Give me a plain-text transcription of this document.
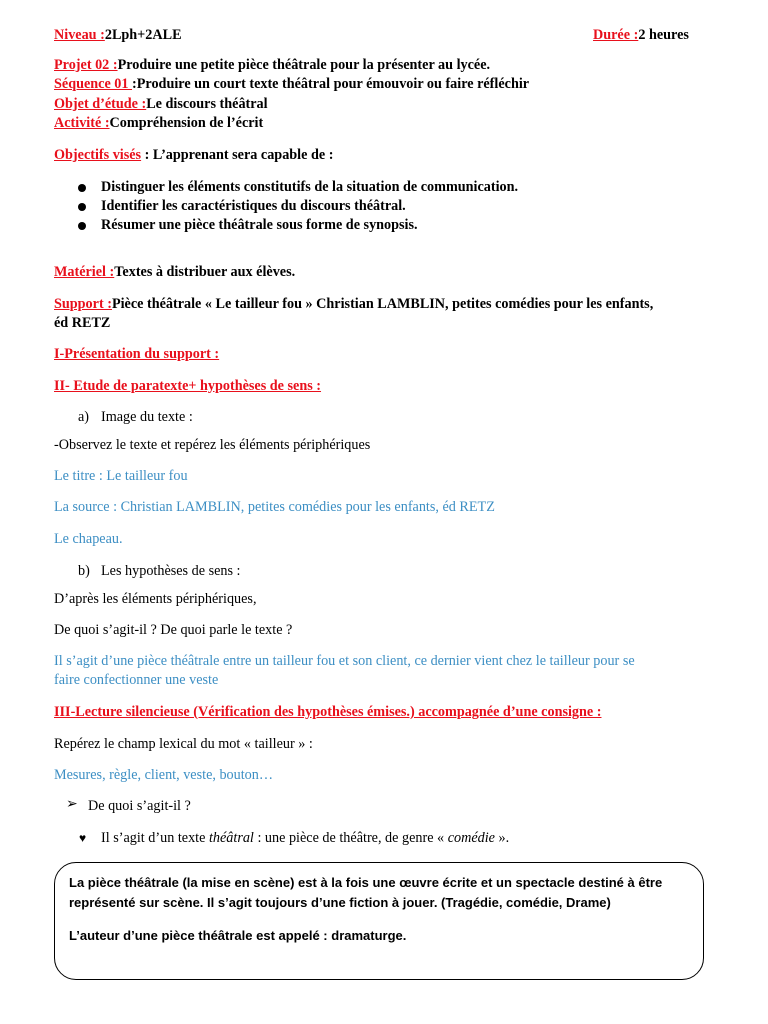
Niveau :2Lph+2ALE	Durée :2 heures
Projet 02 :Produire une petite pièce théâtrale pour la présenter au lycée.
Séquence 01 :Produire un court texte théâtral pour émouvoir ou faire réfléchir
Objet d’étude :Le discours théâtral
Activité :Compréhension de l’écrit
Objectifs visés : L’apprenant sera capable de :
Distinguer les éléments constitutifs de la situation de communication.
Identifier les caractéristiques du discours théâtral.
Résumer une pièce théâtrale sous forme de synopsis.
Matériel :Textes à distribuer aux élèves.
Support :Pièce théâtrale « Le tailleur fou » Christian LAMBLIN, petites comédies pour les enfants,
éd RETZ
I-Présentation du support :
II- Etude de paratexte+ hypothèses de sens :
a) Image du texte :
-Observez le texte et repérez les éléments périphériques
Le titre : Le tailleur fou
La source : Christian LAMBLIN, petites comédies pour les enfants, éd RETZ
Le chapeau.
b) Les hypothèses de sens :
D’après les éléments périphériques,
De quoi s’agit-il ? De quoi parle le texte ?
Il s’agit d’une pièce théâtrale entre un tailleur fou et son client, ce dernier vient chez le tailleur pour se
faire confectionner une veste
III-Lecture silencieuse (Vérification des hypothèses émises.) accompagnée d’une consigne :
Repérez le champ lexical du mot « tailleur » :
Mesures, règle, client, veste, bouton…
➢ De quoi s’agit-il ?
♥ Il s’agit d’un texte théâtral : une pièce de théâtre, de genre « comédie ».
La pièce théâtrale (la mise en scène) est à la fois une œuvre écrite et un spectacle destiné à être
représenté sur scène. Il s’agit toujours d’une fiction à jouer. (Tragédie, comédie, Drame)
L’auteur d’une pièce théâtrale est appelé : dramaturge.
